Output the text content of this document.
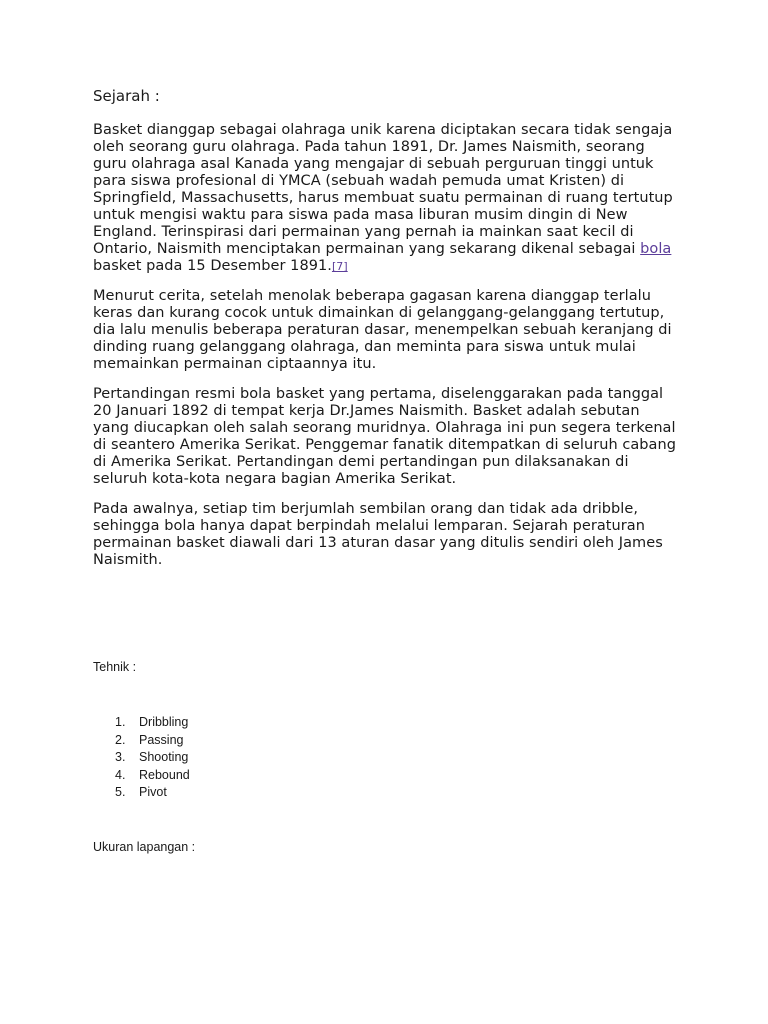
Sejarah :

Basket dianggap sebagai olahraga unik karena diciptakan secara tidak sengaja oleh seorang guru olahraga. Pada tahun 1891, Dr. James Naismith, seorang guru olahraga asal Kanada yang mengajar di sebuah perguruan tinggi untuk para siswa profesional di YMCA (sebuah wadah pemuda umat Kristen) di Springfield, Massachusetts, harus membuat suatu permainan di ruang tertutup untuk mengisi waktu para siswa pada masa liburan musim dingin di New England. Terinspirasi dari permainan yang pernah ia mainkan saat kecil di Ontario, Naismith menciptakan permainan yang sekarang dikenal sebagai bola basket pada 15 Desember 1891.[7]

Menurut cerita, setelah menolak beberapa gagasan karena dianggap terlalu keras dan kurang cocok untuk dimainkan di gelanggang-gelanggang tertutup, dia lalu menulis beberapa peraturan dasar, menempelkan sebuah keranjang di dinding ruang gelanggang olahraga, dan meminta para siswa untuk mulai memainkan permainan ciptaannya itu.

Pertandingan resmi bola basket yang pertama, diselenggarakan pada tanggal 20 Januari 1892 di tempat kerja Dr.James Naismith. Basket adalah sebutan yang diucapkan oleh salah seorang muridnya. Olahraga ini pun segera terkenal di seantero Amerika Serikat. Penggemar fanatik ditempatkan di seluruh cabang di Amerika Serikat. Pertandingan demi pertandingan pun dilaksanakan di seluruh kota-kota negara bagian Amerika Serikat.

Pada awalnya, setiap tim berjumlah sembilan orang dan tidak ada dribble, sehingga bola hanya dapat berpindah melalui lemparan. Sejarah peraturan permainan basket diawali dari 13 aturan dasar yang ditulis sendiri oleh James Naismith.

Tehnik :
1.	Dribbling
2.	Passing
3.	Shooting
4.	Rebound
5.	Pivot
Ukuran lapangan :
